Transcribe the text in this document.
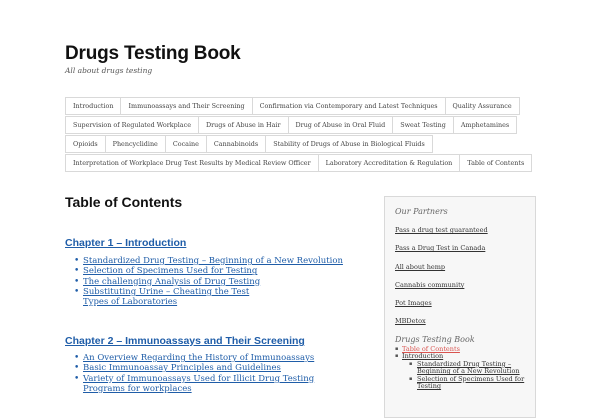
Drugs Testing Book
All about drugs testing
Introduction	Immunoassays and Their Screening	Confirmation via Contemporary and Latest Techniques	Quality Assurance
Supervision of Regulated Workplace	Drugs of Abuse in Hair	Drug of Abuse in Oral Fluid	Sweat Testing	Amphetamines
Opioids	Phencyclidine	Cocaine	Cannabinoids	Stability of Drugs of Abuse in Biological Fluids
Interpretation of Workplace Drug Test Results by Medical Review Officer	Laboratory Accreditation & Regulation	Table of Contents
Table of Contents
Chapter 1 – Introduction
• Standardized Drug Testing – Beginning of a New Revolution
• Selection of Specimens Used for Testing
• The challenging Analysis of Drug Testing
• Substituting Urine – Cheating the Test
Types of Laboratories
Chapter 2 – Immunoassays and Their Screening
• An Overview Regarding the History of Immunoassays
• Basic Immunoassay Principles and Guidelines
• Variety of Immunoassays Used for Illicit Drug Testing
Programs for workplaces
Our Partners
Pass a drug test guaranteed
Pass a Drug Test in Canada
All about hemp
Cannabis community
Pot Images
MBDetox
Drugs Testing Book
▪ Table of Contents
▪ Introduction
▪ Standardized Drug Testing –
Beginning of a New Revolution
▪ Selection of Specimens Used for
Testing
